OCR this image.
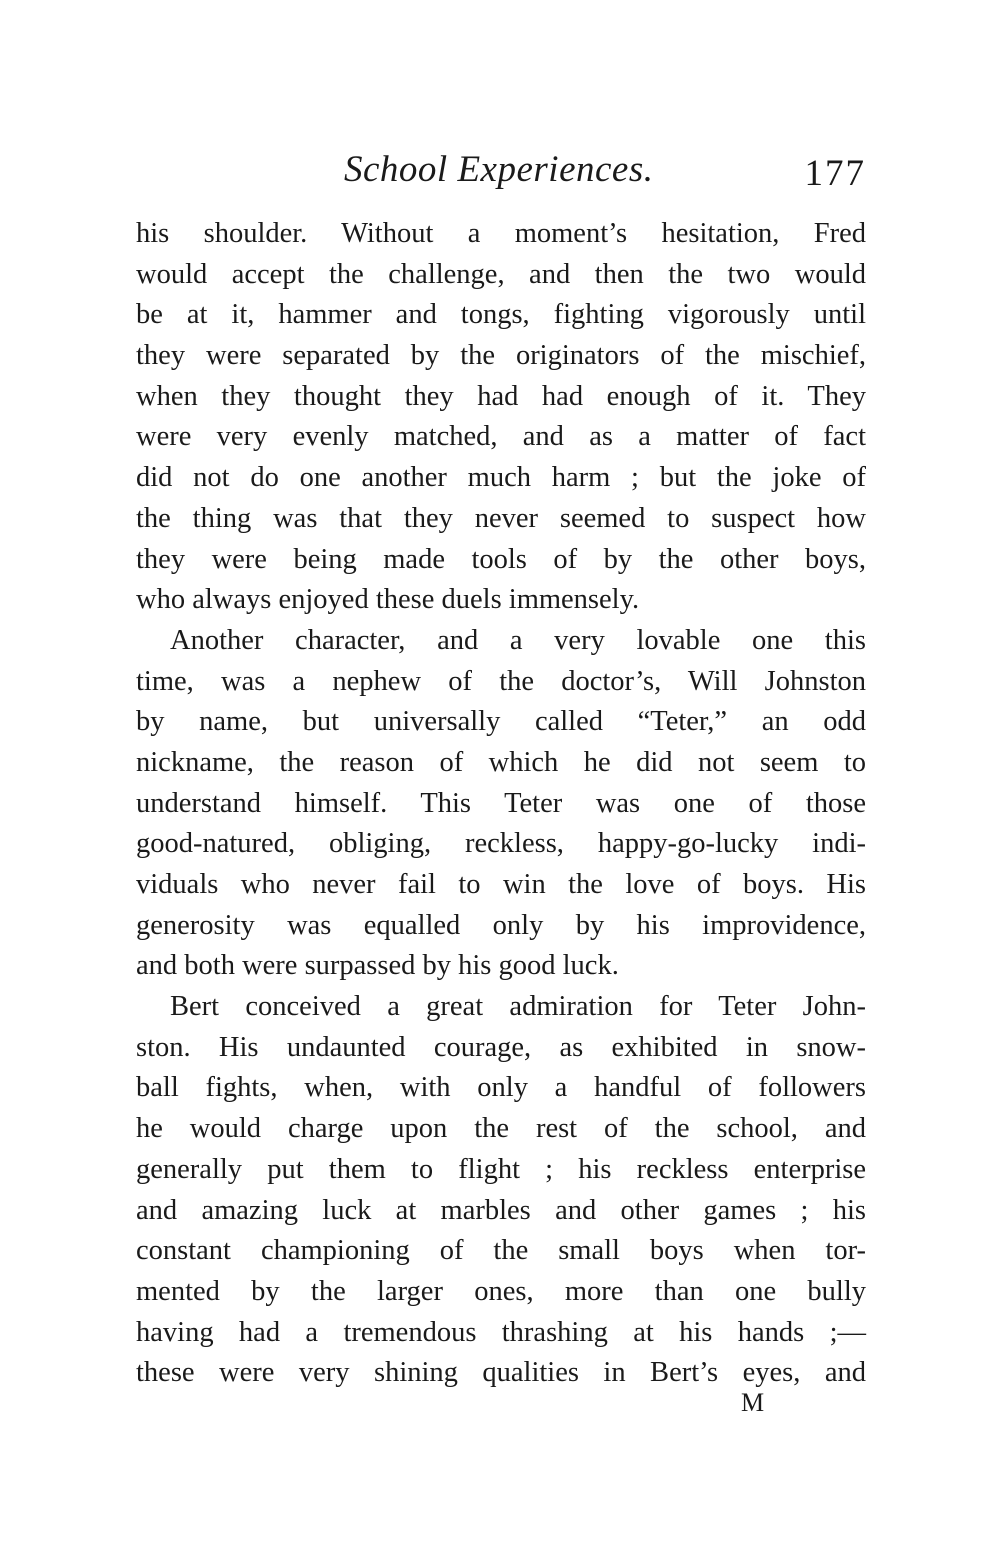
School Experiences.	177

his shoulder. Without a moment’s hesitation, Fred
would accept the challenge, and then the two would
be at it, hammer and tongs, fighting vigorously until
they were separated by the originators of the mischief,
when they thought they had had enough of it. They
were very evenly matched, and as a matter of fact
did not do one another much harm ; but the joke of
the thing was that they never seemed to suspect how
they were being made tools of by the other boys,
who always enjoyed these duels immensely.

Another character, and a very lovable one this
time, was a nephew of the doctor’s, Will Johnston
by name, but universally called “Teter,” an odd
nickname, the reason of which he did not seem to
understand himself. This Teter was one of those
good-natured, obliging, reckless, happy-go-lucky indi-
viduals who never fail to win the love of boys. His
generosity was equalled only by his improvidence,
and both were surpassed by his good luck.

Bert conceived a great admiration for Teter John-
ston. His undaunted courage, as exhibited in snow-
ball fights, when, with only a handful of followers
he would charge upon the rest of the school, and
generally put them to flight ; his reckless enterprise
and amazing luck at marbles and other games ; his
constant championing of the small boys when tor-
mented by the larger ones, more than one bully
having had a tremendous thrashing at his hands ;—
these were very shining qualities in Bert’s eyes, and

M
